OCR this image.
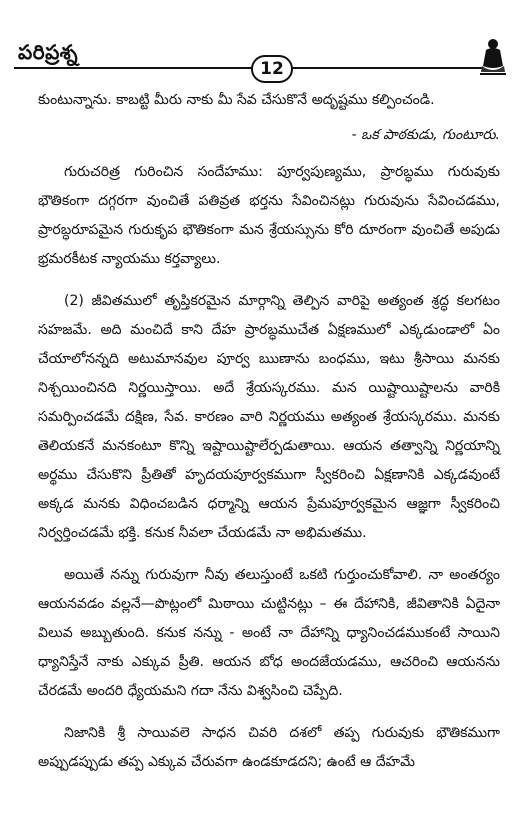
పరిప్రశ్న
12

కుంటున్నాను. కాబట్టి మీరు నాకు మీ సేవ చేసుకొనే అదృష్టము కల్పించండి.

- ఒక పాఠకుడు, గుంటూరు.

గురుచరిత్ర గురించిన సందేహము: పూర్వపుణ్యము, ప్రారబ్ధము గురువుకు భౌతికంగా దగ్గరగా వుంచితే పతివ్రత భర్తను సేవించినట్లు గురువును సేవించడము, ప్రారబ్ధరూపమైన గురుకృప భౌతికంగా మన శ్రేయస్సును కోరి దూరంగా వుంచితే అపుడు భ్రమరకీటక న్యాయము కర్తవ్యాలు.

(2) జీవితములో తృప్తికరమైన మార్గాన్ని తెల్పిన వారిపై అత్యంత శ్రద్ధ కలగటం సహజమే. అది మంచిదే కాని దేహ ప్రారబ్ధముచేత ఏక్షణములో ఎక్కడుండాలో ఏం చేయాలోనన్నది అటుమానవుల పూర్వ ఋణాను బంధము, ఇటు శ్రీసాయి మనకు నిశ్చయించినది నిర్ణయిస్తాయి. అదే శ్రేయస్కరము. మన యిష్టాయిష్టాలను వారికి సమర్పించడమే దక్షిణ, సేవ. కారణం వారి నిర్ణయము అత్యంత శ్రేయస్కరము. మనకు తెలియకనే మనకంటూ కొన్ని ఇష్టాయిష్టాలేర్పడుతాయి. ఆయన తత్వాన్ని నిర్ణయాన్ని అర్థము చేసుకొని ప్రీతితో హృదయపూర్వకముగా స్వీకరించి ఏక్షణానికి ఎక్కడవుంటే అక్కడ మనకు విధించబడిన ధర్మాన్ని ఆయన ప్రేమపూర్వకమైన ఆజ్ఞగా స్వీకరించి నిర్వర్తించడమే భక్తి. కనుక నీవలా చేయడమే నా అభిమతము.

అయితే నన్ను గురువుగా నీవు తలుస్తుంటే ఒకటి గుర్తుంచుకోవాలి. నా అంతర్యం ఆయనవడం వల్లనే—పొట్లంలో మిఠాయి చుట్టినట్లు – ఈ దేహానికి, జీవితానికి ఏదైనా విలువ అబ్బుతుంది. కనుక నన్ను - అంటే నా దేహాన్ని ధ్యానించడముకంటే సాయిని ధ్యానిస్తేనే నాకు ఎక్కువ ప్రీతి. ఆయన బోధ అందజేయడము, ఆచరించి ఆయనను చేరడమే అందరి ధ్యేయమని గదా నేను విశ్వసించి చెప్పేది.

నిజానికి శ్రీ సాయివలె సాధన చివరి దశలో తప్ప గురువుకు భౌతికముగా అప్పుడప్పుడు తప్ప ఎక్కువ చేరువగా ఉండకూడదని; ఉంటే ఆ దేహమే
